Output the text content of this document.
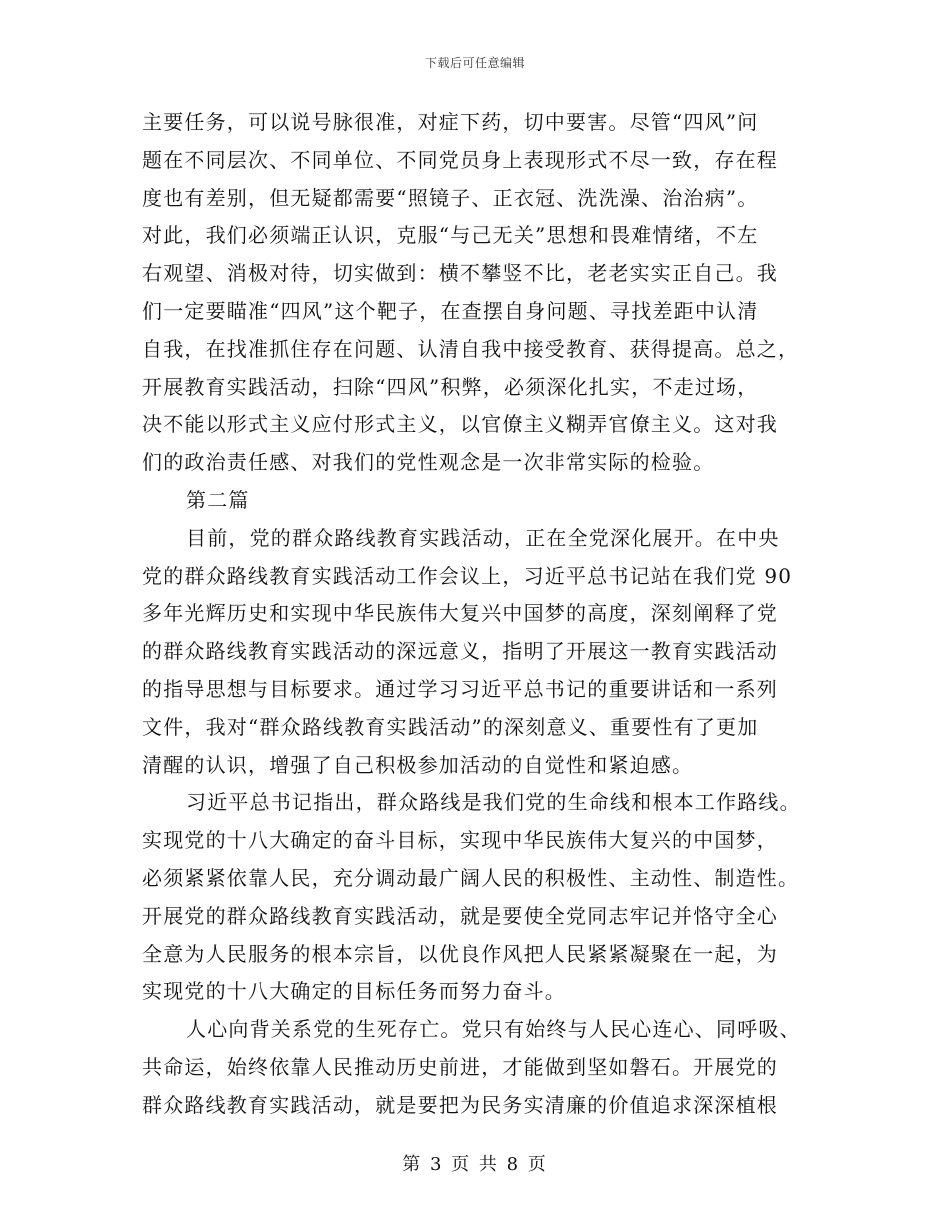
下载后可任意编辑
主要任务，可以说号脉很准，对症下药，切中要害。尽管“四风”问
题在不同层次、不同单位、不同党员身上表现形式不尽一致，存在程
度也有差别，但无疑都需要“照镜子、正衣冠、洗洗澡、治治病”。
对此，我们必须端正认识，克服“与己无关”思想和畏难情绪，不左
右观望、消极对待，切实做到：横不攀竖不比，老老实实正自己。我
们一定要瞄准“四风”这个靶子，在查摆自身问题、寻找差距中认清
自我，在找准抓住存在问题、认清自我中接受教育、获得提高。总之，
开展教育实践活动，扫除“四风”积弊，必须深化扎实，不走过场，
决不能以形式主义应付形式主义，以官僚主义糊弄官僚主义。这对我
们的政治责任感、对我们的党性观念是一次非常实际的检验。
第二篇
目前，党的群众路线教育实践活动，正在全党深化展开。在中央
党的群众路线教育实践活动工作会议上，习近平总书记站在我们党 90
多年光辉历史和实现中华民族伟大复兴中国梦的高度，深刻阐释了党
的群众路线教育实践活动的深远意义，指明了开展这一教育实践活动
的指导思想与目标要求。通过学习习近平总书记的重要讲话和一系列
文件，我对“群众路线教育实践活动”的深刻意义、重要性有了更加
清醒的认识，增强了自己积极参加活动的自觉性和紧迫感。
习近平总书记指出，群众路线是我们党的生命线和根本工作路线。
实现党的十八大确定的奋斗目标，实现中华民族伟大复兴的中国梦，
必须紧紧依靠人民，充分调动最广阔人民的积极性、主动性、制造性。
开展党的群众路线教育实践活动，就是要使全党同志牢记并恪守全心
全意为人民服务的根本宗旨，以优良作风把人民紧紧凝聚在一起，为
实现党的十八大确定的目标任务而努力奋斗。
人心向背关系党的生死存亡。党只有始终与人民心连心、同呼吸、
共命运，始终依靠人民推动历史前进，才能做到坚如磐石。开展党的
群众路线教育实践活动，就是要把为民务实清廉的价值追求深深植根
第 3 页 共 8 页
